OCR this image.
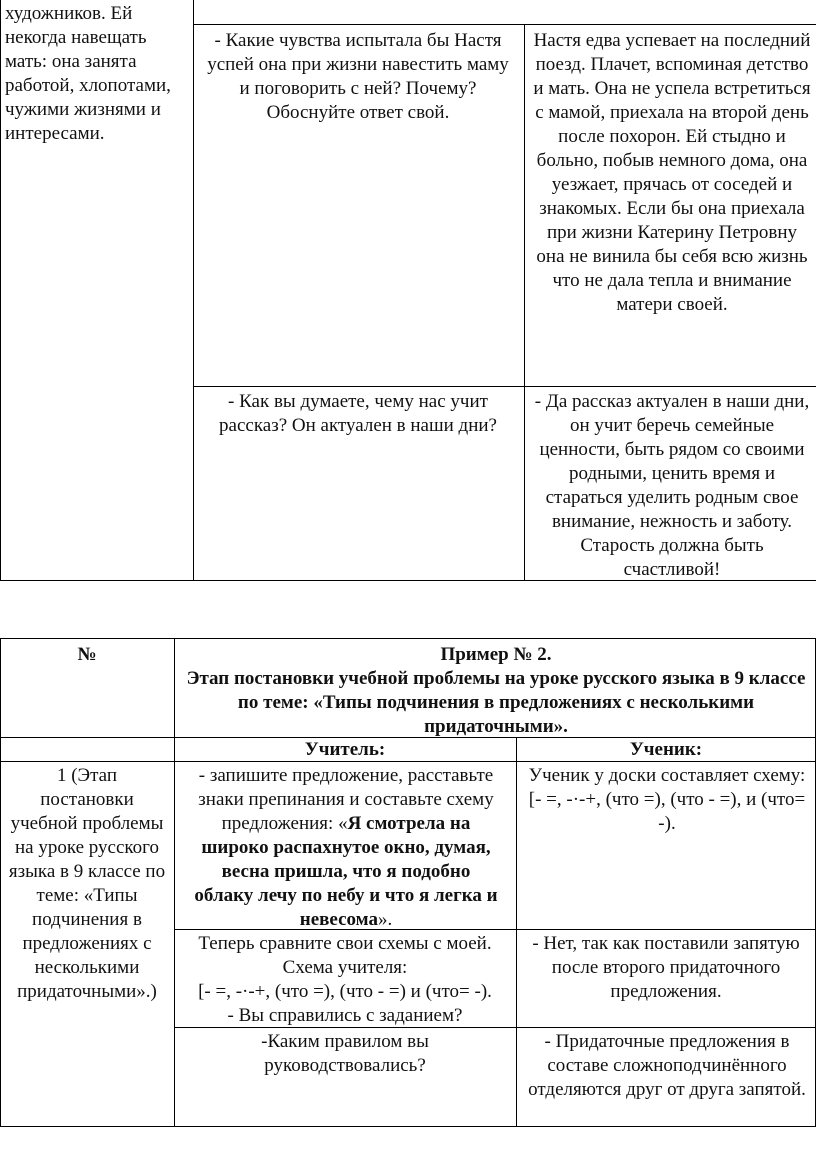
художников. Ей некогда навещать мать: она занята работой, хлопотами, чужими жизнями и интересами.
- Какие чувства испытала бы Настя успей она при жизни навестить маму и поговорить с ней? Почему? Обоснуйте ответ свой.
Настя едва успевает на последний поезд. Плачет, вспоминая детство и мать. Она не успела встретиться с мамой, приехала на второй день после похорон. Ей стыдно и больно, побыв немного дома, она уезжает, прячась от соседей и знакомых. Если бы она приехала при жизни Катерину Петровну она не винила бы себя всю жизнь что не дала тепла и внимание матери своей.
- Как вы думаете, чему нас учит рассказ? Он актуален в наши дни?
- Да рассказ актуален в наши дни, он учит беречь семейные ценности, быть рядом со своими родными, ценить время и стараться уделить родным свое внимание, нежность и заботу. Старость должна быть счастливой!
№	Пример № 2.
Этап постановки учебной проблемы на уроке русского языка в 9 классе по теме: «Типы подчинения в предложениях с несколькими придаточными».
Учитель:	Ученик:
1 (Этап постановки учебной проблемы на уроке русского языка в 9 классе по теме: «Типы подчинения в предложениях с несколькими придаточными».)
- запишите предложение, расставьте знаки препинания и составьте схему предложения: «Я смотрела на широко распахнутое окно, думая, весна пришла, что я подобно облаку лечу по небу и что я легка и невесома».
Ученик у доски составляет схему: [- =, -·-+, (что =), (что - =), и (что= -).
Теперь сравните свои схемы с моей.
Схема учителя:
[- =, -·-+, (что =), (что - =) и (что= -).
- Вы справились с заданием?
- Нет, так как поставили запятую после второго придаточного предложения.
-Каким правилом вы руководствовались?
- Придаточные предложения в составе сложноподчинённого отделяются друг от друга запятой.
